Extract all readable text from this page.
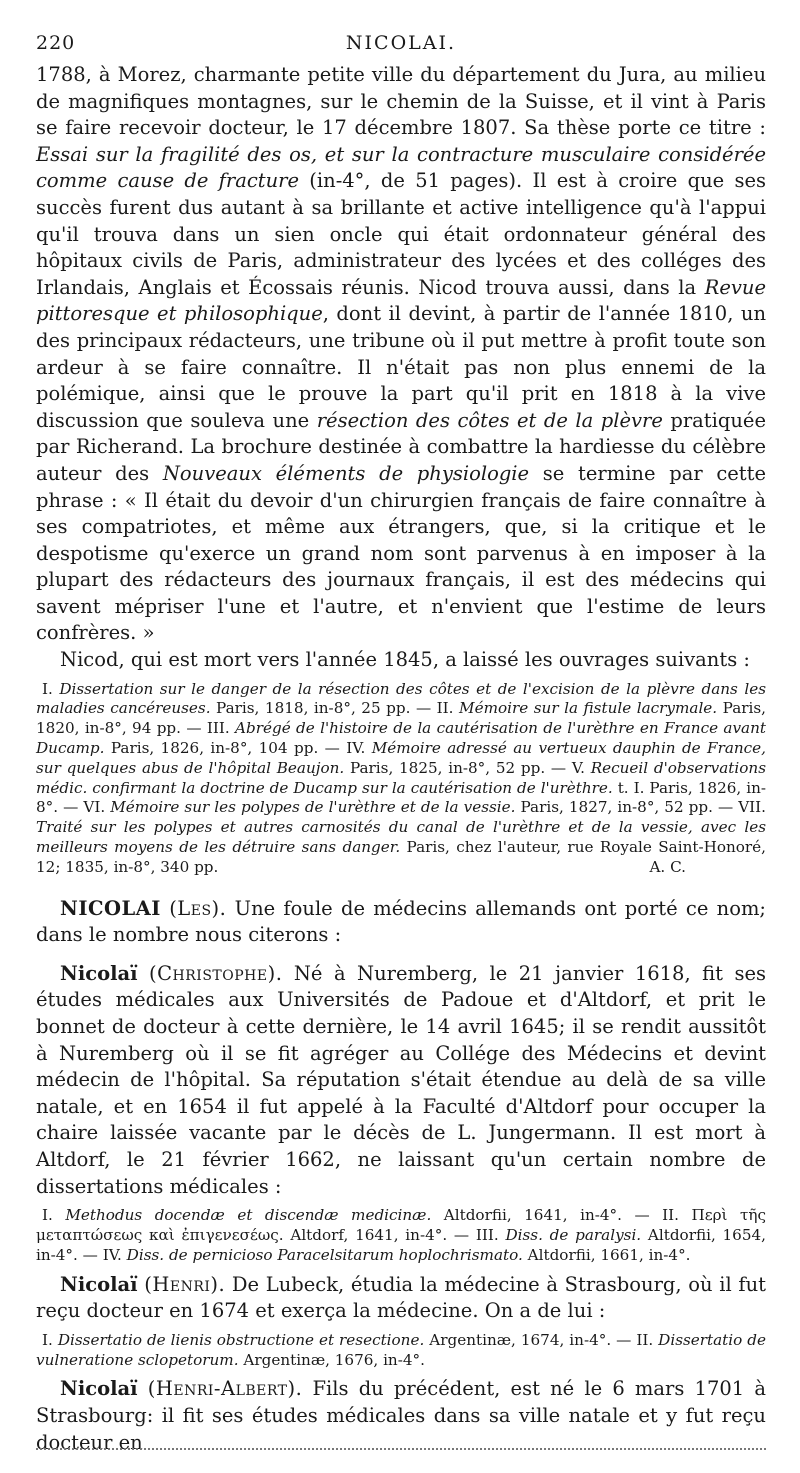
220	NICOLAI.

1788, à Morez, charmante petite ville du département du Jura, au milieu de magnifiques montagnes, sur le chemin de la Suisse, et il vint à Paris se faire recevoir docteur, le 17 décembre 1807. Sa thèse porte ce titre : Essai sur la fragilité des os, et sur la contracture musculaire considérée comme cause de fracture (in-4°, de 51 pages). Il est à croire que ses succès furent dus autant à sa brillante et active intelligence qu'à l'appui qu'il trouva dans un sien oncle qui était ordonnateur général des hôpitaux civils de Paris, administrateur des lycées et des colléges des Irlandais, Anglais et Écossais réunis. Nicod trouva aussi, dans la Revue pittoresque et philosophique, dont il devint, à partir de l'année 1810, un des principaux rédacteurs, une tribune où il put mettre à profit toute son ardeur à se faire connaître. Il n'était pas non plus ennemi de la polémique, ainsi que le prouve la part qu'il prit en 1818 à la vive discussion que souleva une résection des côtes et de la plèvre pratiquée par Richerand. La brochure destinée à combattre la hardiesse du célèbre auteur des Nouveaux éléments de physiologie se termine par cette phrase : « Il était du devoir d'un chirurgien français de faire connaître à ses compatriotes, et même aux étrangers, que, si la critique et le despotisme qu'exerce un grand nom sont parvenus à en imposer à la plupart des rédacteurs des journaux français, il est des médecins qui savent mépriser l'une et l'autre, et n'envient que l'estime de leurs confrères. »

Nicod, qui est mort vers l'année 1845, a laissé les ouvrages suivants :

I. Dissertation sur le danger de la résection des côtes et de l'excision de la plèvre dans les maladies cancéreuses. Paris, 1818, in-8°, 25 pp. — II. Mémoire sur la fistule lacrymale. Paris, 1820, in-8°, 94 pp. — III. Abrégé de l'histoire de la cautérisation de l'urèthre en France avant Ducamp. Paris, 1826, in-8°, 104 pp. — IV. Mémoire adressé au vertueux dauphin de France, sur quelques abus de l'hôpital Beaujon. Paris, 1825, in-8°, 52 pp. — V. Recueil d'observations médic. confirmant la doctrine de Ducamp sur la cautérisation de l'urèthre. t. I. Paris, 1826, in-8°. — VI. Mémoire sur les polypes de l'urèthre et de la vessie. Paris, 1827, in-8°, 52 pp. — VII. Traité sur les polypes et autres carnosités du canal de l'urèthre et de la vessie, avec les meilleurs moyens de les détruire sans danger. Paris, chez l'auteur, rue Royale Saint-Honoré, 12; 1835, in-8°, 340 pp.	A. C.

NICOLAI (Les). Une foule de médecins allemands ont porté ce nom; dans le nombre nous citerons :

Nicolaï (Christophe). Né à Nuremberg, le 21 janvier 1618, fit ses études médicales aux Universités de Padoue et d'Altdorf, et prit le bonnet de docteur à cette dernière, le 14 avril 1645; il se rendit aussitôt à Nuremberg où il se fit agréger au Collége des Médecins et devint médecin de l'hôpital. Sa réputation s'était étendue au delà de sa ville natale, et en 1654 il fut appelé à la Faculté d'Altdorf pour occuper la chaire laissée vacante par le décès de L. Jungermann. Il est mort à Altdorf, le 21 février 1662, ne laissant qu'un certain nombre de dissertations médicales :

I. Methodus docendæ et discendæ medicinæ. Altdorfii, 1641, in-4°. — II. Περὶ τῆς μεταπτώσεως καὶ ἐπιγενεσέως. Altdorf, 1641, in-4°. — III. Diss. de paralysi. Altdorfii, 1654, in-4°. — IV. Diss. de pernicioso Paracelsitarum hoplochrismato. Altdorfii, 1661, in-4°.

Nicolaï (Henri). De Lubeck, étudia la médecine à Strasbourg, où il fut reçu docteur en 1674 et exerça la médecine. On a de lui :

I. Dissertatio de lienis obstructione et resectione. Argentinæ, 1674, in-4°. — II. Dissertatio de vulneratione sclopetorum. Argentinæ, 1676, in-4°.

Nicolaï (Henri-Albert). Fils du précédent, est né le 6 mars 1701 à Strasbourg: il fit ses études médicales dans sa ville natale et y fut reçu docteur en
